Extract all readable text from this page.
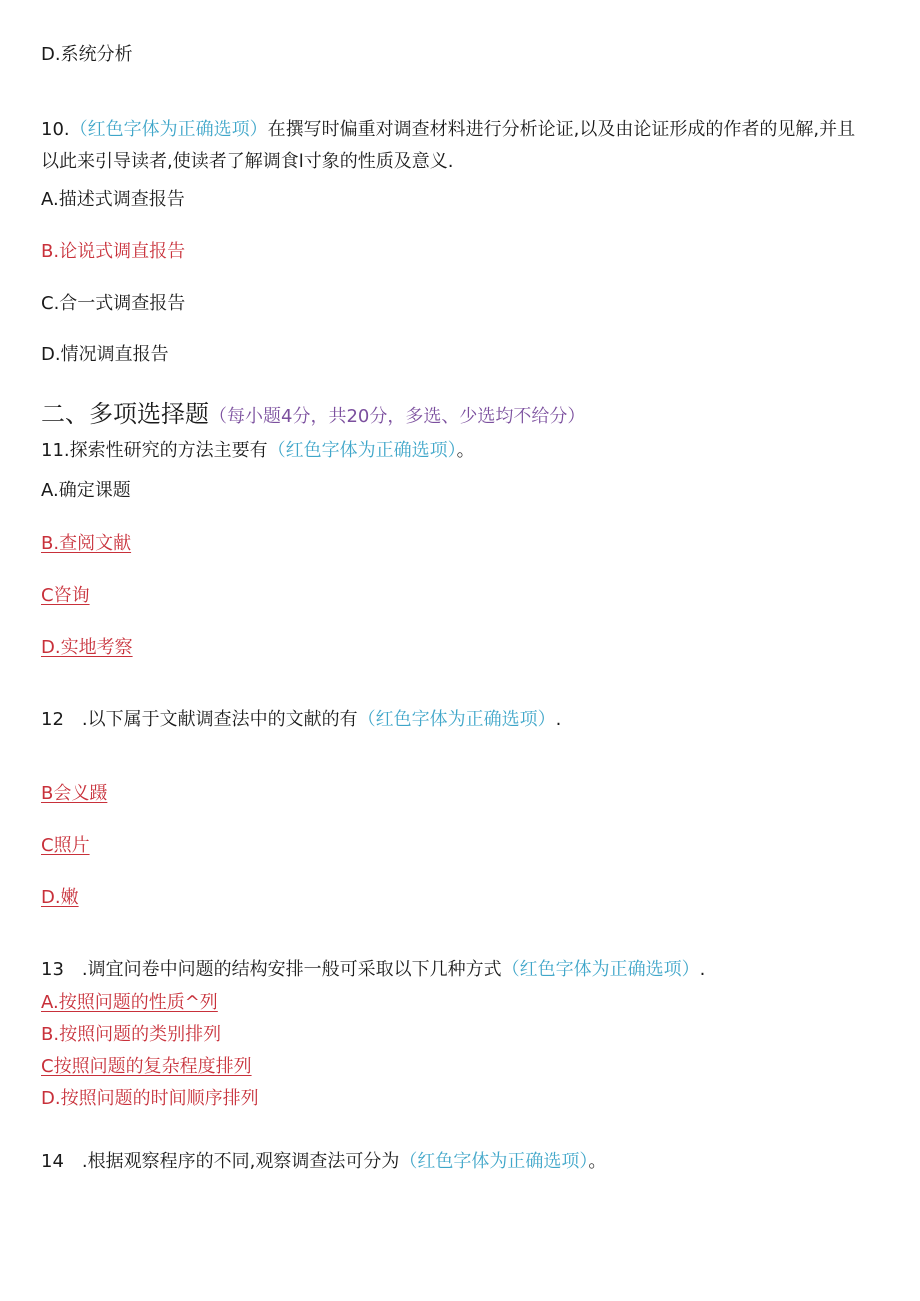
D.系统分析
10.（红色字体为正确选项）在撰写时偏重对调查材料进行分析论证,以及由论证形成的作者的见解,并且
以此来引导读者,使读者了解调食l寸象的性质及意义.
A.描述式调查报告
B.论说式调直报告
C.合一式调查报告
D.情况调直报告
二、多项选择题（每小题4分，共20分，多选、少选均不给分）
11.探索性研究的方法主要有（红色字体为正确选项）。
A.确定课题
B.查阅文献
C咨询
D.实地考察
12 .以下属于文献调查法中的文献的有（红色字体为正确选项）.
B会义蹑
C照片
D.嫩
13 .调宜问卷中问题的结构安排一般可采取以下几种方式（红色字体为正确选项）.
A.按照问题的性质^列
B.按照问题的类别排列
C按照问题的复杂程度排列
D.按照问题的时间顺序排列
14 .根据观察程序的不同,观察调查法可分为（红色字体为正确选项）。
